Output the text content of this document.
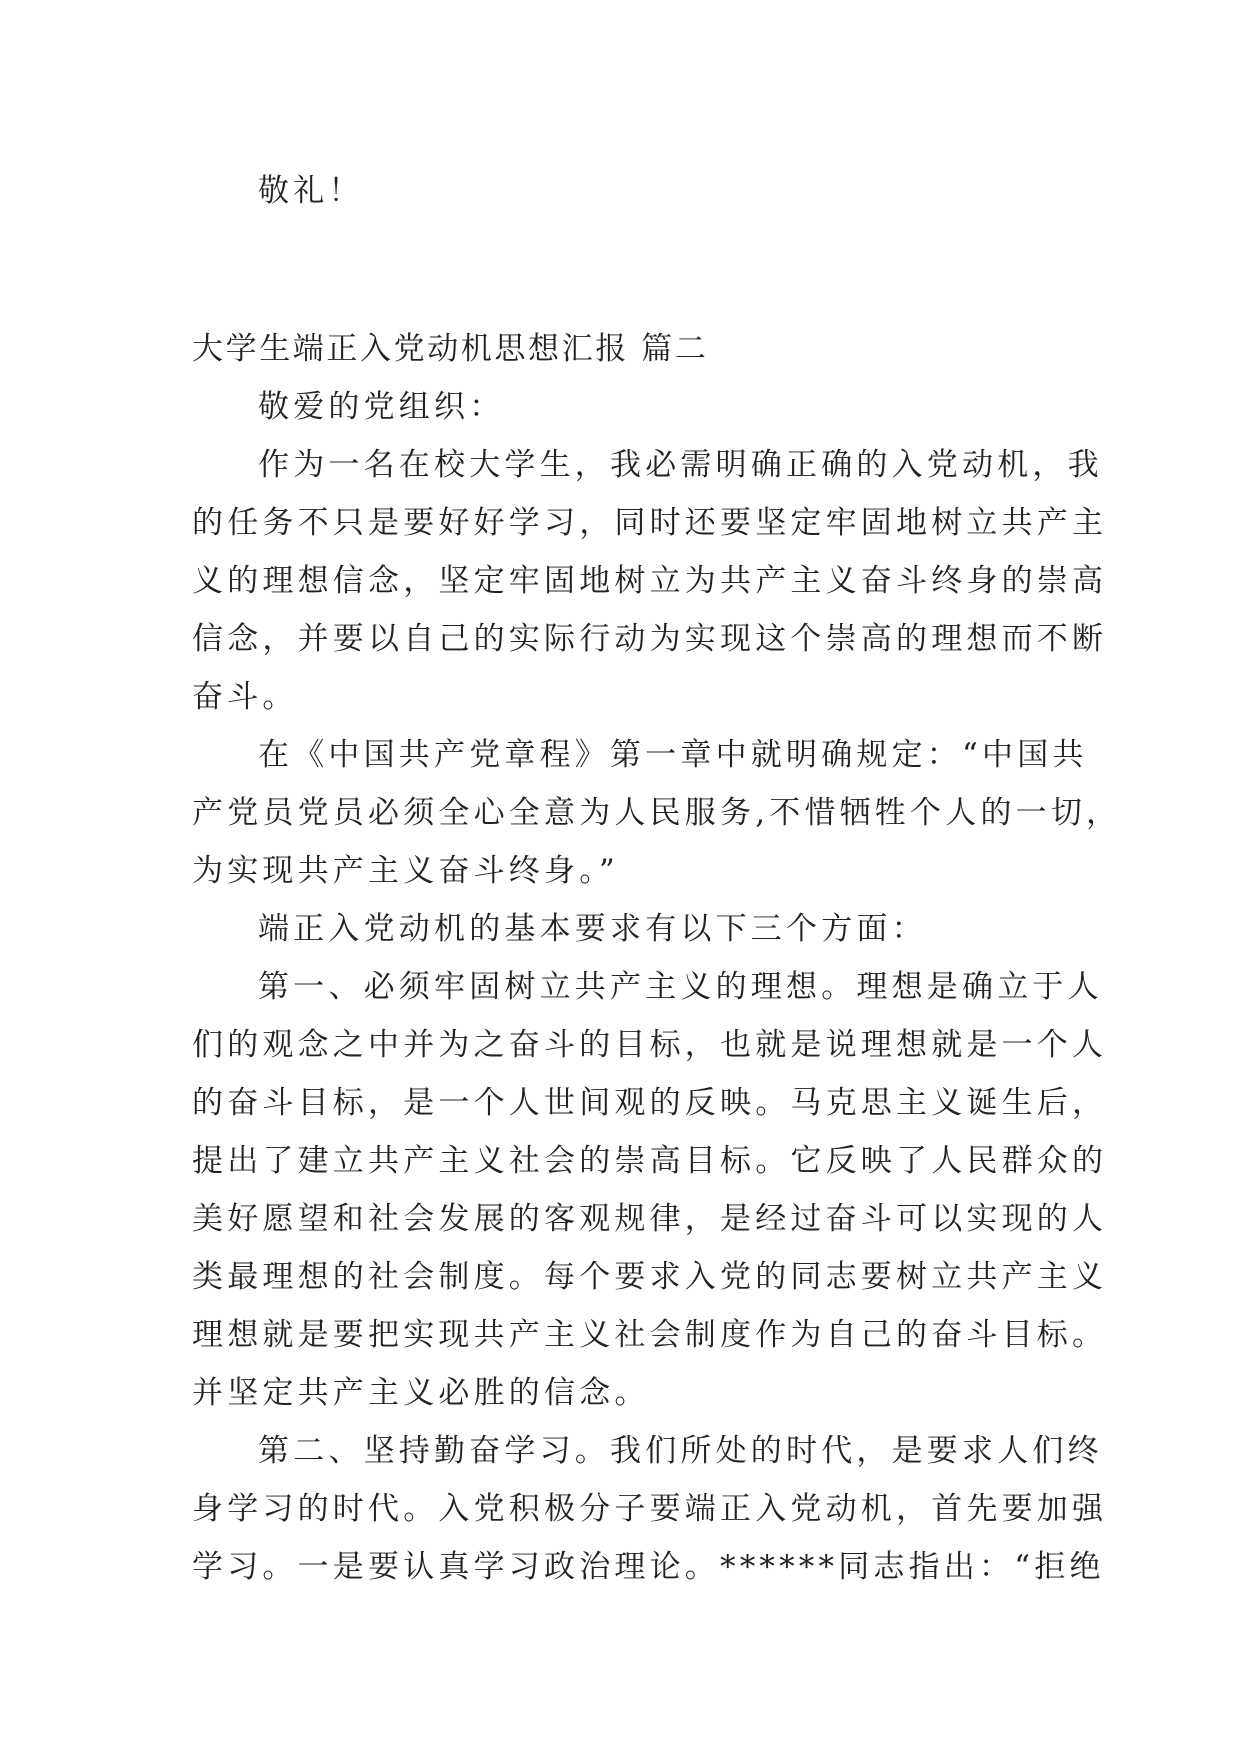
敬礼！
大学生端正入党动机思想汇报 篇二
敬爱的党组织：
作为一名在校大学生，我必需明确正确的入党动机，我
的任务不只是要好好学习，同时还要坚定牢固地树立共产主
义的理想信念，坚定牢固地树立为共产主义奋斗终身的崇高
信念，并要以自己的实际行动为实现这个崇高的理想而不断
奋斗。
在《中国共产党章程》第一章中就明确规定：“中国共
产党员党员必须全心全意为人民服务,不惜牺牲个人的一切，
为实现共产主义奋斗终身。”
端正入党动机的基本要求有以下三个方面：
第一、必须牢固树立共产主义的理想。理想是确立于人
们的观念之中并为之奋斗的目标，也就是说理想就是一个人
的奋斗目标，是一个人世间观的反映。马克思主义诞生后，
提出了建立共产主义社会的崇高目标。它反映了人民群众的
美好愿望和社会发展的客观规律，是经过奋斗可以实现的人
类最理想的社会制度。每个要求入党的同志要树立共产主义
理想就是要把实现共产主义社会制度作为自己的奋斗目标。
并坚定共产主义必胜的信念。
第二、坚持勤奋学习。我们所处的时代，是要求人们终
身学习的时代。入党积极分子要端正入党动机，首先要加强
学习。一是要认真学习政治理论。******同志指出：“拒绝
